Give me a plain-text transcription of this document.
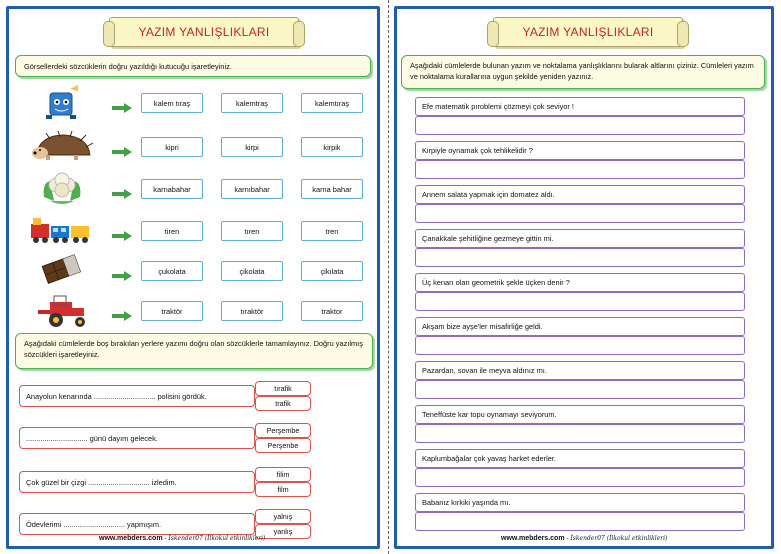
YAZIM YANLIŞLIKLARI
Görsellerdeki sözcüklerin doğru yazıldığı kutucuğu işaretleyiniz.
kalem tıraş	kalemtraş	kalemtıraş
kipri	kirpi	kirpik
karnabahar	karnıbahar	karna bahar
tiren	tıren	tren
çukolata	çikolata	çikılata
traktör	tıraktör	traktor
Aşağıdaki cümlelerde boş bırakılan yerlere yazımı doğru olan sözcüklerle tamamlayınız. Doğru yazılmış sözcükleri işaretleyiniz.
Anayolun kenarında .............................. polisini gördük.
tırafik
trafik
.............................. günü dayım gelecek.
Perşembe
Perşenbe
Çok güzel bir çizgi .............................. izledim.
filim
film
Ödevlerimi .............................. yapmışım.
yalnış
yanlış
www.mebders.com - İskender07 (İlkokul etkinlikleri)
YAZIM YANLIŞLIKLARI
Aşağıdaki cümlelerde bulunan yazım ve noktalama yanlışlıklarını bularak altlarını çiziniz. Cümleleri yazım ve noktalama kurallarına uygun şekilde yeniden yazınız.
Efe matematik pıroblemi çözmeyi çok seviyor !
Kirpiyle oynamak çok tehlikelidir ?
Annem salata yapmak için domatez aldı.
Çanakkale şehitliğine gezmeye gittin mi.
Üç kenarı olan geometrik şekle üçken denir ?
Akşam bize ayşe'ler misafirliğe geldi.
Pazardan, sovan ile meyva aldınız mı.
Teneffüste kar topu oynamayı seviyorum.
Kaplumbağalar çok yavaş harket ederler.
Babanız kırkiki yaşında mı.
www.mebders.com - İskender07 (İlkokul etkinlikleri)
